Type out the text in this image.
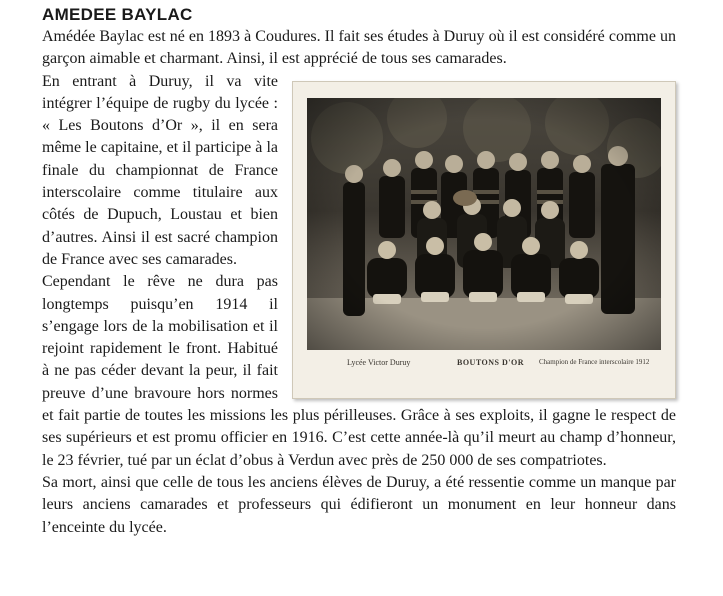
AMEDEE BAYLAC

Amédée Baylac est né en 1893 à Coudures. Il fait ses études à Duruy où il est considéré comme un garçon aimable et charmant. Ainsi, il est apprécié de tous ses camarades.

Lycée Victor Duruy	BOUTONS D'OR Champion de France interscolaire 1912

En entrant à Duruy, il va vite intégrer l’équipe de rugby du lycée : « Les Boutons d’Or », il en sera même le capitaine, et il participe à la finale du championnat de France interscolaire comme titulaire aux côtés de Dupuch, Loustau et bien d’autres. Ainsi il est sacré champion de France avec ses camarades.

Cependant le rêve ne dura pas longtemps puisqu’en 1914 il s’engage lors de la mobilisation et il rejoint rapidement le front. Habitué à ne pas céder devant la peur, il fait preuve d’une bravoure hors normes et fait partie de toutes les missions les plus périlleuses. Grâce à ses exploits, il gagne le respect de ses supérieurs et est promu officier en 1916. C’est cette année-là qu’il meurt au champ d’honneur, le 23 février, tué par un éclat d’obus à Verdun avec près de 250 000 de ses compatriotes.

Sa mort, ainsi que celle de tous les anciens élèves de Duruy, a été ressentie comme un manque par leurs anciens camarades et professeurs qui édifieront un monument en leur honneur dans l’enceinte du lycée.
